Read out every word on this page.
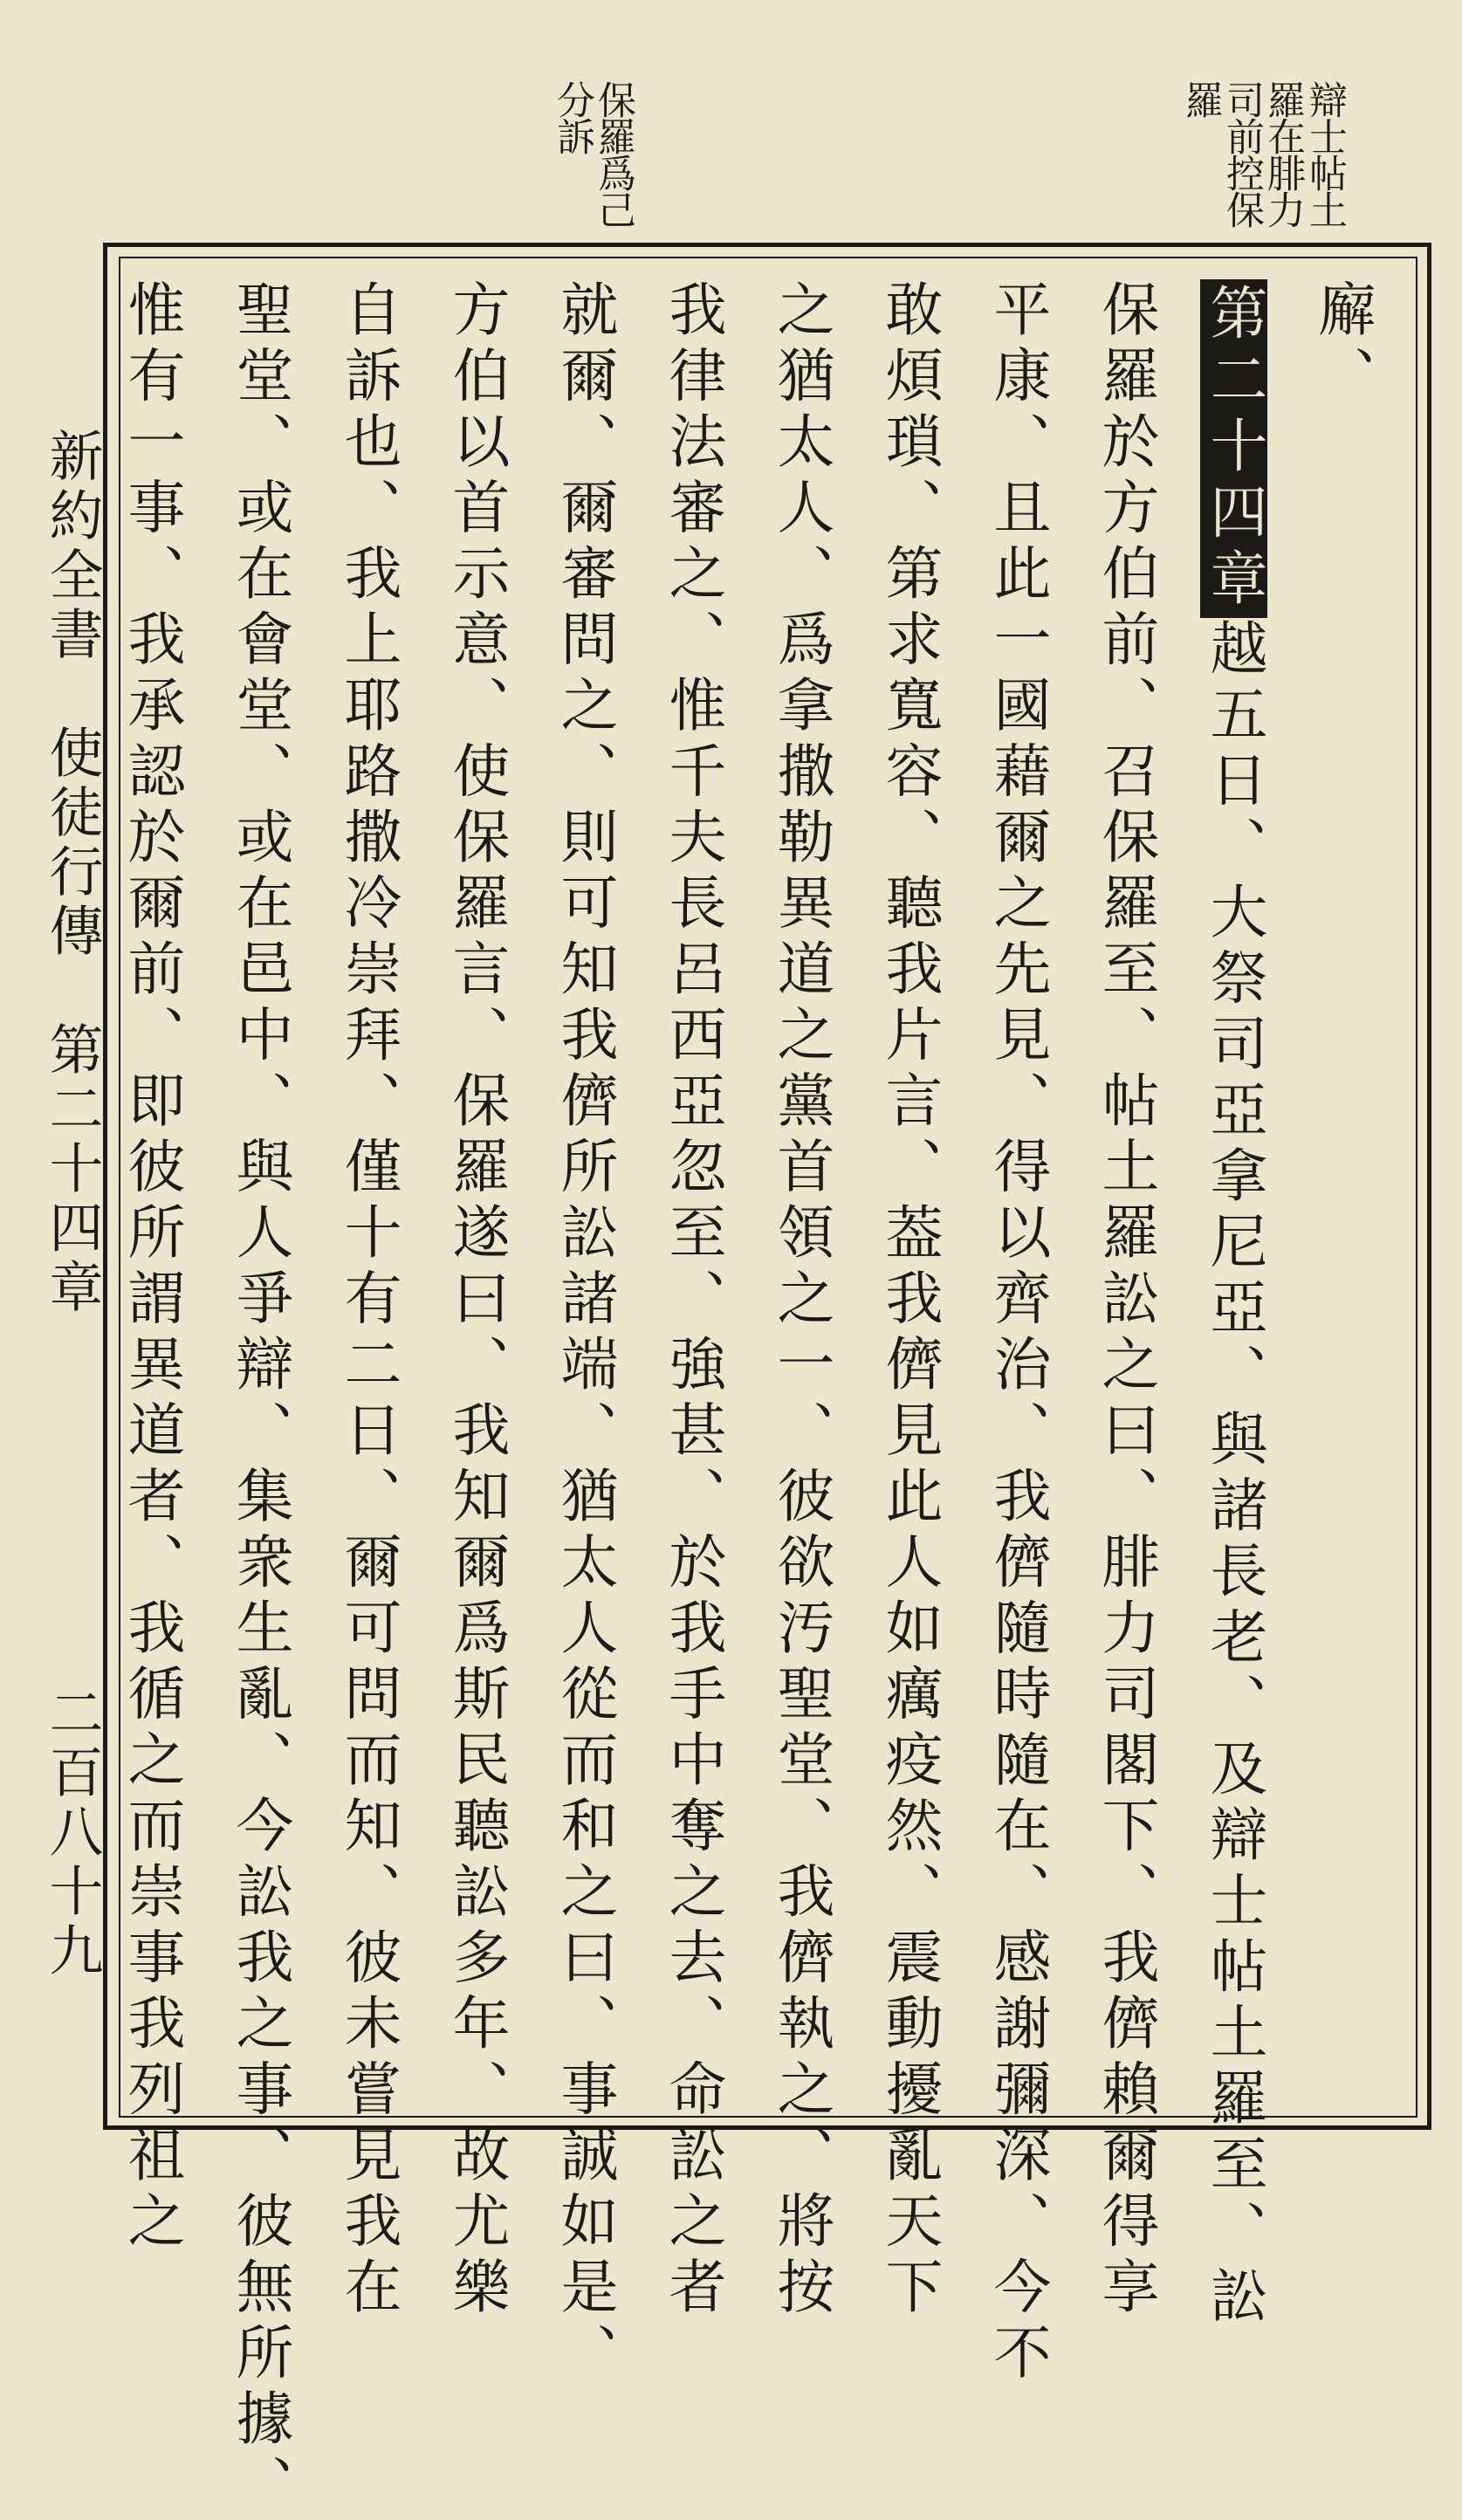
辯士帖土
羅在腓力
司前控保
羅
保羅爲己
分訴
廨、
第二十四章越五日、大祭司亞拿尼亞、與諸長老、及辯士帖土羅至、訟
保羅於方伯前、召保羅至、帖土羅訟之曰、腓力司閣下、我儕賴爾得享
平康、且此一國藉爾之先見、得以齊治、我儕隨時隨在、感謝彌深、今不
敢煩瑣、第求寬容、聽我片言、葢我儕見此人如癘疫然、震動擾亂天下
之猶太人、爲拿撒勒異道之黨首領之一、彼欲汚聖堂、我儕執之、將按
我律法審之、惟千夫長呂西亞忽至、強甚、於我手中奪之去、命訟之者
就爾、爾審問之、則可知我儕所訟諸端、猶太人從而和之曰、事誠如是、
方伯以首示意、使保羅言、保羅遂曰、我知爾爲斯民聽訟多年、故尤樂
自訴也、我上耶路撒冷崇拜、僅十有二日、爾可問而知、彼未嘗見我在
聖堂、或在會堂、或在邑中、與人爭辯、集衆生亂、今訟我之事、彼無所據、
惟有一事、我承認於爾前、即彼所謂異道者、我循之而崇事我列祖之
新約全書　使徒行傳　第二十四章
二百八十九
